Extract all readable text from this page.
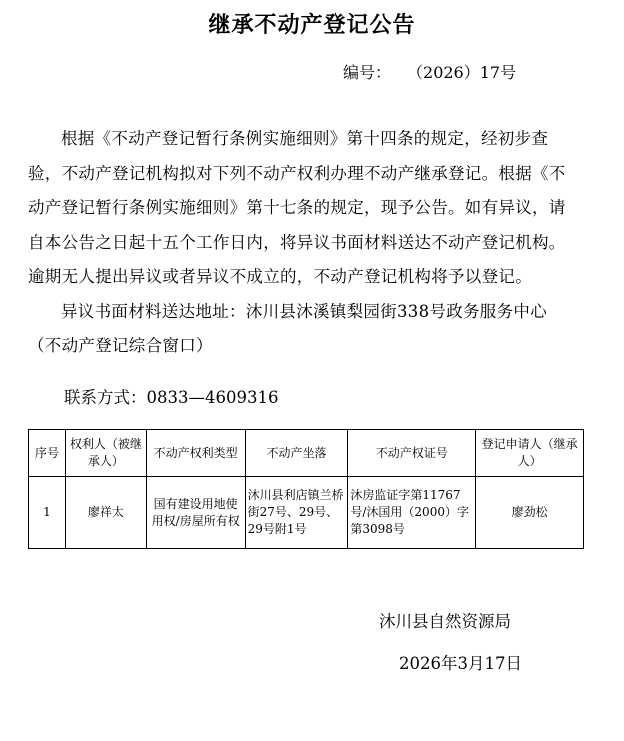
继承不动产登记公告
编号： （2026）17号

根据《不动产登记暂行条例实施细则》第十四条的规定，经初步查验，不动产登记机构拟对下列不动产权利办理不动产继承登记。根据《不动产登记暂行条例实施细则》第十七条的规定，现予公告。如有异议，请自本公告之日起十五个工作日内，将异议书面材料送达不动产登记机构。逾期无人提出异议或者异议不成立的，不动产登记机构将予以登记。

异议书面材料送达地址：沐川县沐溪镇梨园街338号政务服务中心（不动产登记综合窗口）

联系方式：0833—4609316
序号	权利人（被继承人）	不动产权利类型	不动产坐落	不动产权证号	登记申请人（继承人）
1	廖祥太	国有建设用地使用权/房屋所有权	沐川县利店镇兰桥街27号、29号、29号附1号	沐房监证字第11767号/沐国用（2000）字第3098号	廖劲松
沐川县自然资源局
2026年3月17日
